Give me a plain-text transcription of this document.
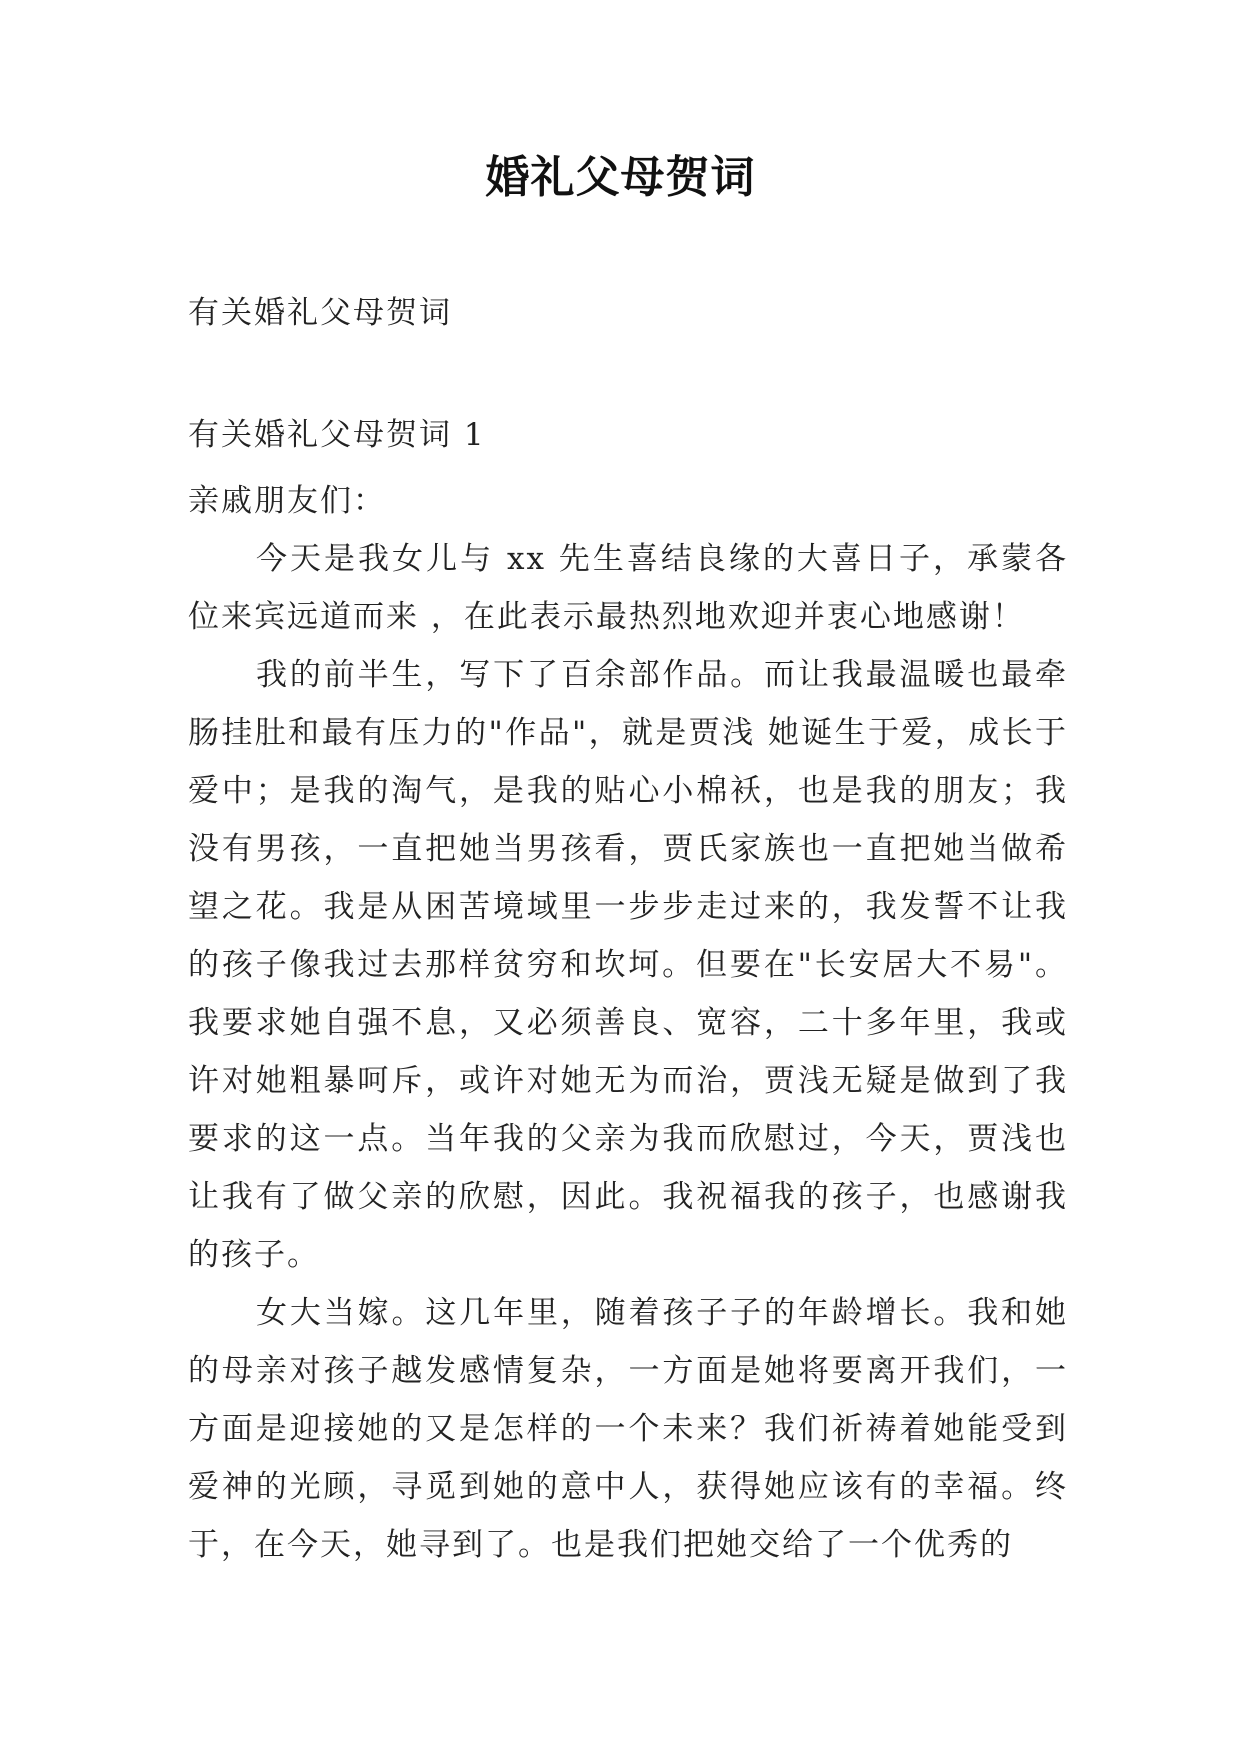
婚礼父母贺词
有关婚礼父母贺词
有关婚礼父母贺词 1

亲戚朋友们：

今天是我女儿与 xx 先生喜结良缘的大喜日子，承蒙各位来宾远道而来 ，在此表示最热烈地欢迎并衷心地感谢！

我的前半生，写下了百余部作品。而让我最温暖也最牵肠挂肚和最有压力的"作品"，就是贾浅 她诞生于爱，成长于爱中；是我的淘气，是我的贴心小棉袄，也是我的朋友；我没有男孩，一直把她当男孩看，贾氏家族也一直把她当做希望之花。我是从困苦境域里一步步走过来的，我发誓不让我的孩子像我过去那样贫穷和坎坷。但要在"长安居大不易"。我要求她自强不息，又必须善良、宽容，二十多年里，我或许对她粗暴呵斥，或许对她无为而治，贾浅无疑是做到了我要求的这一点。当年我的父亲为我而欣慰过，今天，贾浅也让我有了做父亲的欣慰，因此。我祝福我的孩子，也感谢我的孩子。

女大当嫁。这几年里，随着孩子子的年龄增长。我和她的母亲对孩子越发感情复杂，一方面是她将要离开我们，一方面是迎接她的又是怎样的一个未来？我们祈祷着她能受到爱神的光顾，寻觅到她的意中人，获得她应该有的幸福。终于，在今天，她寻到了。也是我们把她交给了一个优秀的
